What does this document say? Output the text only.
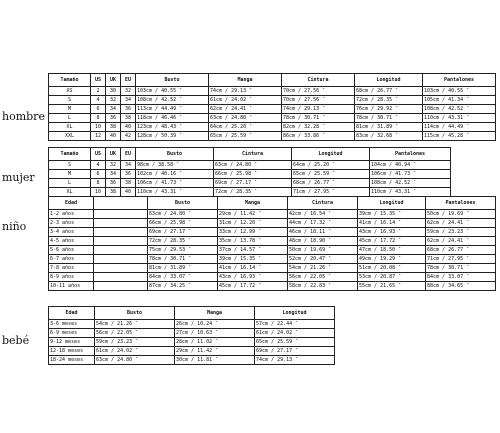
hombre
Tamaño	US	UK	EU	Busto	Manga	Cintura	Longitud	Pantalones
XS	2	30	32	103cm / 40.55 ″	74cm / 29.13 ″	70cm / 27.56 ″	68cm / 26.77 ″	103cm / 40.55 ″
S	4	32	34	108cm / 42.52 ″	61cm / 24.02 ″	70cm / 27.56 ″	72cm / 28.35 ″	105cm / 41.34 ″
M	6	34	36	113cm / 44.49 ″	62cm / 24.41 ″	74cm / 29.13 ″	76cm / 29.92 ″	108cm / 42.52 ″
L	8	36	38	118cm / 46.46 ″	63cm / 24.80 ″	78cm / 30.71 ″	78cm / 30.71 ″	110cm / 43.31 ″
XL	10	38	40	123cm / 48.43 ″	64cm / 25.20 ″	82cm / 32.28 ″	81cm / 31.89 ″	114cm / 44.49 ″
XXL	12	40	42	128cm / 50.39 ″	65cm / 25.59 ″	86cm / 33.86 ″	83cm / 32.68 ″	115cm / 45.28 ″
mujer
Tamaño	US	UK	EU	Busto	Cintura	Longitud	Pantalones
S	4	32	34	98cm / 38.58 ″	63cm / 24.80 ″	64cm / 25.20 ″	104cm / 40.94 ″
M	6	34	36	102cm / 40.16 ″	66cm / 25.98 ″	65cm / 25.59 ″	106cm / 41.73 ″
L	8	36	38	106cm / 41.73 ″	69cm / 27.17 ″	68cm / 26.77 ″	108cm / 42.52 ″
XL	10	38	40	110cm / 43.31 ″	72cm / 28.35 ″	71cm / 27.95 ″	110cm / 43.31 ″
niño
Edad		Busto	Manga	Cintura	Longitud	Pantalones
1-2 años		63cm / 24.80 ″	29cm / 11.42 ″	42cm / 16.54 ″	39cm / 15.35 ″	50cm / 19.69 ″
2-3 años		66cm / 25.98 ″	31cm / 12.20 ″	44cm / 17.32 ″	41cm / 16.14 ″	62cm / 24.41 ″
3-4 años		69cm / 27.17 ″	33cm / 12.99 ″	46cm / 18.11 ″	43cm / 16.93 ″	59cm / 23.23 ″
4-5 años		72cm / 28.35 ″	35cm / 13.78 ″	48cm / 18.90 ″	45cm / 17.72 ″	62cm / 24.41 ″
5-6 años		75cm / 29.53 ″	37cm / 14.57 ″	50cm / 19.69 ″	47cm / 18.50 ″	68cm / 26.77 ″
6-7 años		78cm / 30.71 ″	39cm / 15.35 ″	52cm / 20.47 ″	49cm / 19.29 ″	71cm / 27.95 ″
7-8 años		81cm / 31.89 ″	41cm / 16.14 ″	54cm / 21.26 ″	51cm / 20.08 ″	78cm / 30.71 ″
8-9 años		84cm / 33.07 ″	43cm / 16.93 ″	56cm / 22.05 ″	53cm / 20.87 ″	84cm / 33.07 ″
10-11 años		87cm / 34.25 ″	45cm / 17.72 ″	58cm / 22.83 ″	55cm / 21.65 ″	88cm / 34.65 ″
bebé
Edad	Busto	Manga	Longitud
3-6 meses	54cm / 21.26 ″	26cm / 10.24 ″	57cm / 22.44 ″
6-9 meses	56cm / 22.05 ″	27cm / 10.63 ″	61cm / 24.02 ″
9-12 meses	59cm / 23.23 ″	28cm / 11.02 ″	65cm / 25.59 ″
12-18 meses	61cm / 24.02 ″	29cm / 11.42 ″	69cm / 27.17 ″
18-24 meses	63cm / 24.80 ″	30cm / 11.81 ″	74cm / 29.13 ″
